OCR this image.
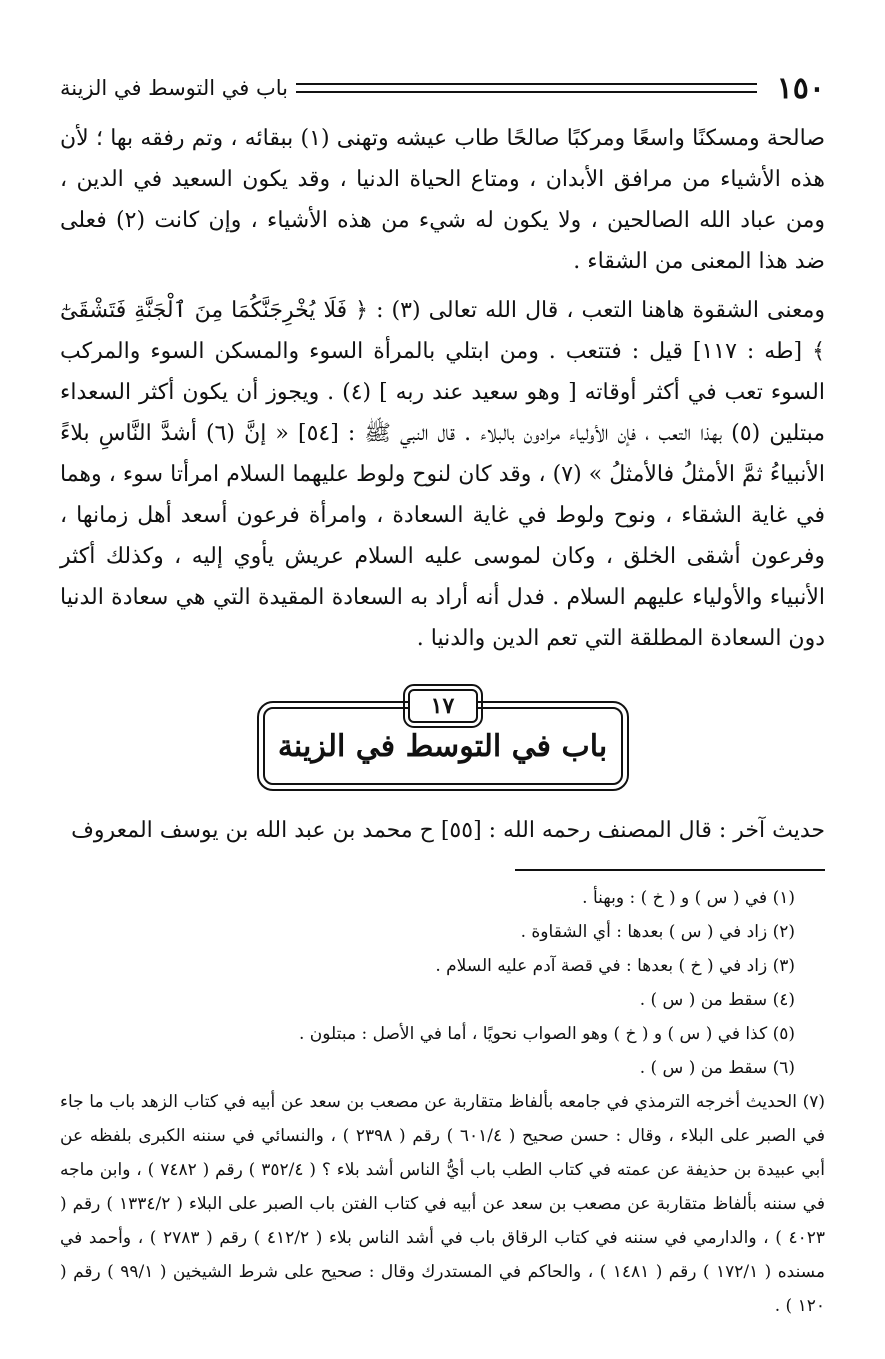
١٥٠
باب في التوسط في الزينة

صالحة ومسكنًا واسعًا ومركبًا صالحًا طاب عيشه وتهنى (١) ببقائه ، وتم رفقه بها ؛ لأن هذه الأشياء من مرافق الأبدان ، ومتاع الحياة الدنيا ، وقد يكون السعيد في الدين ، ومن عباد الله الصالحين ، ولا يكون له شيء من هذه الأشياء ، وإن كانت (٢) فعلى ضد هذا المعنى من الشقاء .

ومعنى الشقوة هاهنا التعب ، قال الله تعالى (٣) : ﴿ فَلَا يُخْرِجَنَّكُمَا مِنَ ٱلْجَنَّةِ فَتَشْقَىٰٓ ﴾ [طه : ١١٧] قيل : فتتعب . ومن ابتلي بالمرأة السوء والمسكن السوء والمركب السوء تعب في أكثر أوقاته [ وهو سعيد عند ربه ] (٤) . ويجوز أن يكون أكثر السعداء مبتلين (٥) بهذا التعب ، فإن الأولياء مرادون بالبلاء . قال النبي ﷺ : [٥٤] « إنَّ (٦) أشدَّ النَّاسِ بلاءً الأنبياءُ ثمَّ الأمثلُ فالأمثلُ » (٧) ، وقد كان لنوح ولوط عليهما السلام امرأتا سوء ، وهما في غاية الشقاء ، ونوح ولوط في غاية السعادة ، وامرأة فرعون أسعد أهل زمانها ، وفرعون أشقى الخلق ، وكان لموسى عليه السلام عريش يأوي إليه ، وكذلك أكثر الأنبياء والأولياء عليهم السلام . فدل أنه أراد به السعادة المقيدة التي هي سعادة الدنيا دون السعادة المطلقة التي تعم الدين والدنيا .

١٧
باب في التوسط في الزينة
حديث آخر : قال المصنف رحمه الله : [٥٥] ح محمد بن عبد الله بن يوسف المعروف

(١) في ( س ) و ( خ ) : وبهنأ .

(٢) زاد في ( س ) بعدها : أي الشقاوة .

(٣) زاد في ( خ ) بعدها : في قصة آدم عليه السلام .

(٤) سقط من ( س ) .

(٥) كذا في ( س ) و ( خ ) وهو الصواب نحويًا ، أما في الأصل : مبتلون .

(٦) سقط من ( س ) .

(٧) الحديث أخرجه الترمذي في جامعه بألفاظ متقاربة عن مصعب بن سعد عن أبيه في كتاب الزهد باب ما جاء في الصبر على البلاء ، وقال : حسن صحيح ( ٦٠١/٤ ) رقم ( ٢٣٩٨ ) ، والنسائي في سننه الكبرى بلفظه عن أبي عبيدة بن حذيفة عن عمته في كتاب الطب باب أيُّ الناس أشد بلاء ؟ ( ٣٥٢/٤ ) رقم ( ٧٤٨٢ ) ، وابن ماجه في سننه بألفاظ متقاربة عن مصعب بن سعد عن أبيه في كتاب الفتن باب الصبر على البلاء ( ١٣٣٤/٢ ) رقم ( ٤٠٢٣ ) ، والدارمي في سننه في كتاب الرقاق باب في أشد الناس بلاء ( ٤١٢/٢ ) رقم ( ٢٧٨٣ ) ، وأحمد في مسنده ( ١٧٢/١ ) رقم ( ١٤٨١ ) ، والحاكم في المستدرك وقال : صحيح على شرط الشيخين ( ٩٩/١ ) رقم ( ١٢٠ ) .
